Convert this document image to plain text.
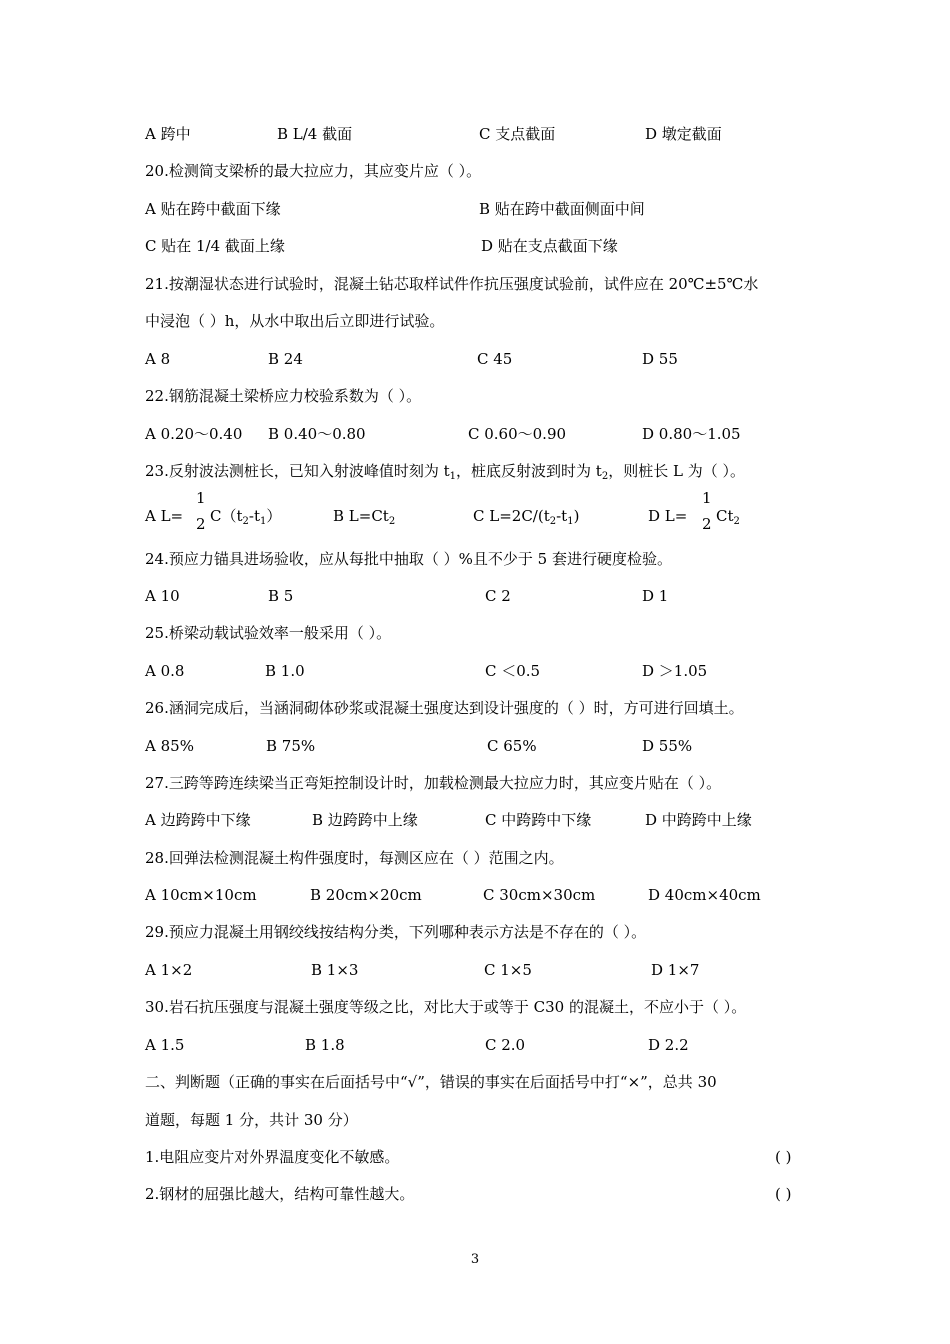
A 跨中	B L/4 截面	C 支点截面	D 墩定截面
20.检测简支梁桥的最大拉应力，其应变片应（ ）。
A 贴在跨中截面下缘	B 贴在跨中截面侧面中间
C 贴在 1/4 截面上缘	D 贴在支点截面下缘
21.按潮湿状态进行试验时，混凝土钻芯取样试件作抗压强度试验前，试件应在 20℃±5℃水
中浸泡（ ）h，从水中取出后立即进行试验。
A 8	B 24	C 45	D 55
22.钢筋混凝土梁桥应力校验系数为（ ）。
A 0.20～0.40 B 0.40～0.80	C 0.60～0.90	D 0.80～1.05
23.反射波法测桩长，已知入射波峰值时刻为 $t_1$，桩底反射波到时为 $t_2$，则桩长 L 为（ ）。
A L=
1
2 $C(t_2-t_1)$	B $L=Ct_2$	C $L=2C/(t_2-t_1)$	D L=
1
2 $Ct_2$
24.预应力锚具进场验收，应从每批中抽取（ ）%且不少于 5 套进行硬度检验。
A 10	B 5	C 2	D 1
25.桥梁动载试验效率一般采用（ ）。
A 0.8	B 1.0	C ＜0.5	D ＞1.05
26.涵洞完成后，当涵洞砌体砂浆或混凝土强度达到设计强度的（ ）时，方可进行回填土。
A 85%	B 75%	C 65%	D 55%
27.三跨等跨连续梁当正弯矩控制设计时，加载检测最大拉应力时，其应变片贴在（ ）。
A 边跨跨中下缘	B 边跨跨中上缘	C 中跨跨中下缘	D 中跨跨中上缘
28.回弹法检测混凝土构件强度时，每测区应在（ ）范围之内。
A 10cm×10cm	B 20cm×20cm	C 30cm×30cm	D 40cm×40cm
29.预应力混凝土用钢绞线按结构分类，下列哪种表示方法是不存在的（ ）。
A 1×2	B 1×3	C 1×5	D 1×7
30.岩石抗压强度与混凝土强度等级之比，对比大于或等于 C30 的混凝土，不应小于（ ）。
A 1.5	B 1.8	C 2.0	D 2.2
二、判断题（正确的事实在后面括号中“√”，错误的事实在后面括号中打“×”，总共 30
道题，每题 1 分，共计 30 分）
1.电阻应变片对外界温度变化不敏感。	( )
2.钢材的屈强比越大，结构可靠性越大。	( )
3
